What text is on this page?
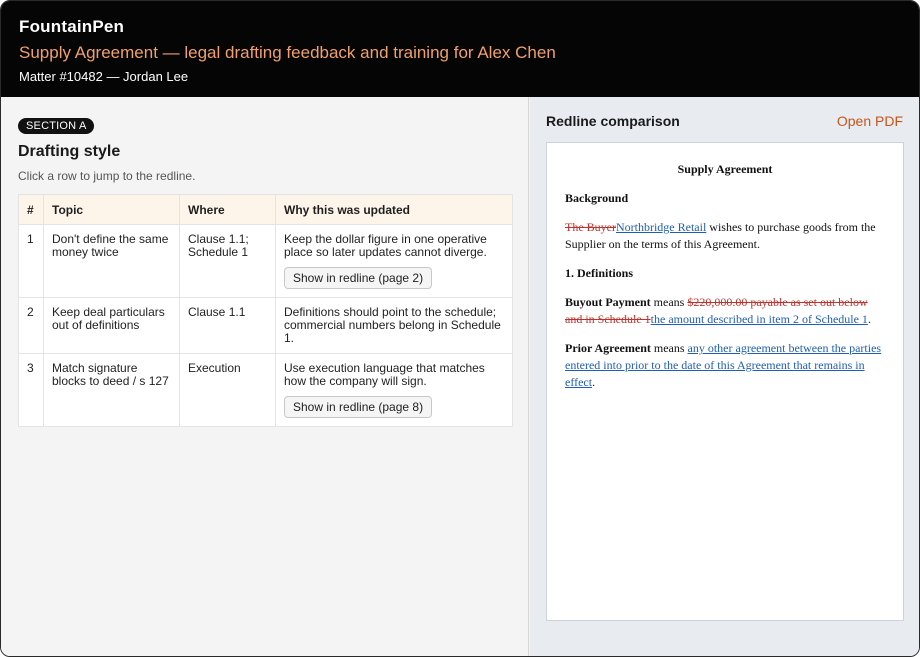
FountainPen
Supply Agreement — legal drafting feedback and training for Alex Chen
Matter #10482 — Jordan Lee
SECTION A
Drafting style
Click a row to jump to the redline.
#	Topic	Where	Why this was updated
1	Don't define the same money twice	Clause 1.1; Schedule 1	Keep the dollar figure in one operative place so later updates cannot diverge.
Show in redline (page 2)
2	Keep deal particulars out of definitions	Clause 1.1	Definitions should point to the schedule; commercial numbers belong in Schedule 1.

3	Match signature blocks to deed / s 127	Execution	Use execution language that matches how the company will sign.
Show in redline (page 8)
Redline comparison	Open PDF
Supply Agreement
Background

The BuyerNorthbridge Retail wishes to purchase goods from the Supplier on the terms of this Agreement.

1. Definitions

Buyout Payment means $220,000.00 payable as set out below and in Schedule 1the amount described in item 2 of Schedule 1.

Prior Agreement means any other agreement between the parties entered into prior to the date of this Agreement that remains in effect.
